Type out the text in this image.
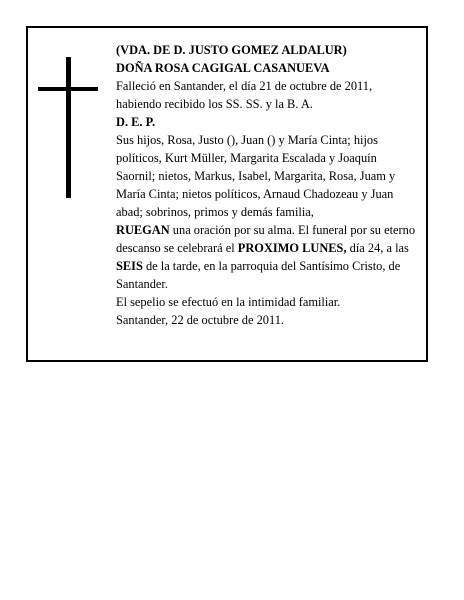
(VDA. DE D. JUSTO GOMEZ ALDALUR)

DOÑA ROSA CAGIGAL CASANUEVA

Falleció en Santander, el día 21 de octubre de 2011, habiendo recibido los SS. SS. y la B. A.

D. E. P.

Sus hijos, Rosa, Justo (), Juan () y María Cinta; hijos políticos, Kurt Müller, Margarita Escalada y Joaquín Saornil; nietos, Markus, Isabel, Margarita, Rosa, Juam y María Cinta; nietos políticos, Arnaud Chadozeau y Juan abad; sobrinos, primos y demás familia,

RUEGAN una oración por su alma. El funeral por su eterno descanso se celebrará el PROXIMO LUNES, día 24, a las SEIS de la tarde, en la parroquia del Santísimo Cristo, de Santander.

El sepelio se efectuó en la intimidad familiar.

Santander, 22 de octubre de 2011.
